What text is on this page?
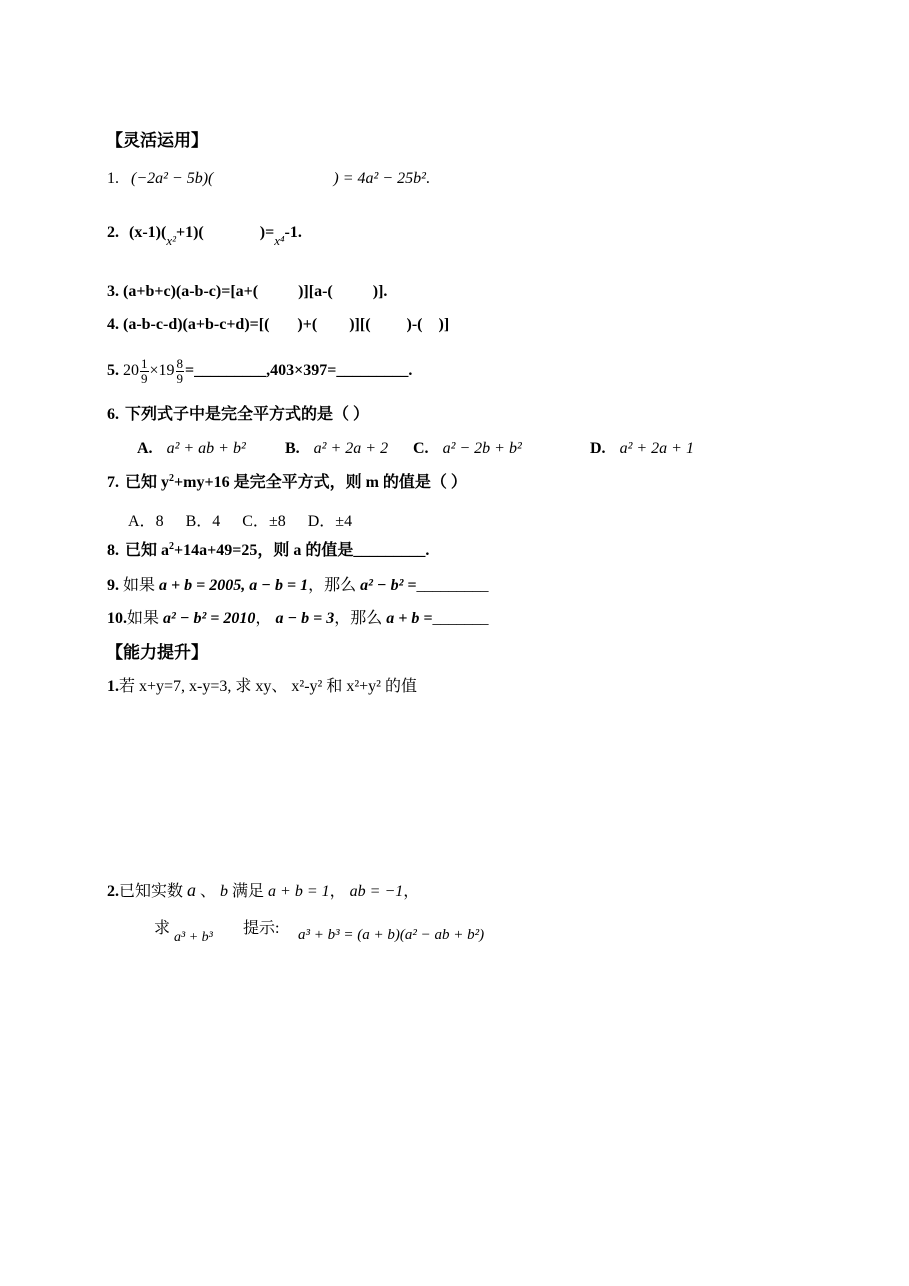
【灵活运用】
1. (−2a² − 5b)(	) = 4a² − 25b².
2. $(x-1)(_{x^2}+1)$(	)$=_{x^4}-1$.
3. (a+b+c)(a-b-c)=[a+(          )][a-(          )].
4. (a-b-c-d)(a+b-c+d)=[(       )+(        )][(         )-(    )]
5. $20 \frac{1}{9} \times 19 \frac{8}{9}$ =_________,403×397=_________.
6. 下列式子中是完全平方式的是（ ）
A. a² + ab + b² B. a² + 2a + 2 C. a² − 2b + b²	D. a² + 2a + 1
7. 已知 $y^2+my+16$ 是完全平方式，则 m 的值是（ ）
A．8 B．4 C．±8 D．±4
8. 已知 $a^2+14a+49=25$，则 a 的值是_________.
9. 如果 a + b = 2005, a − b = 1，那么 a² − b² =_________
10.如果 a² − b² = 2010， a − b = 3，那么 a + b =_______
【能力提升】
1.若 x+y=7, x-y=3, 求 xy、 x²-y² 和 x²+y² 的值
2.已知实数 a 、 b 满足 a + b = 1， ab = −1，
求
a³ + b³
提示: a³ + b³ = (a + b)(a² − ab + b²)
